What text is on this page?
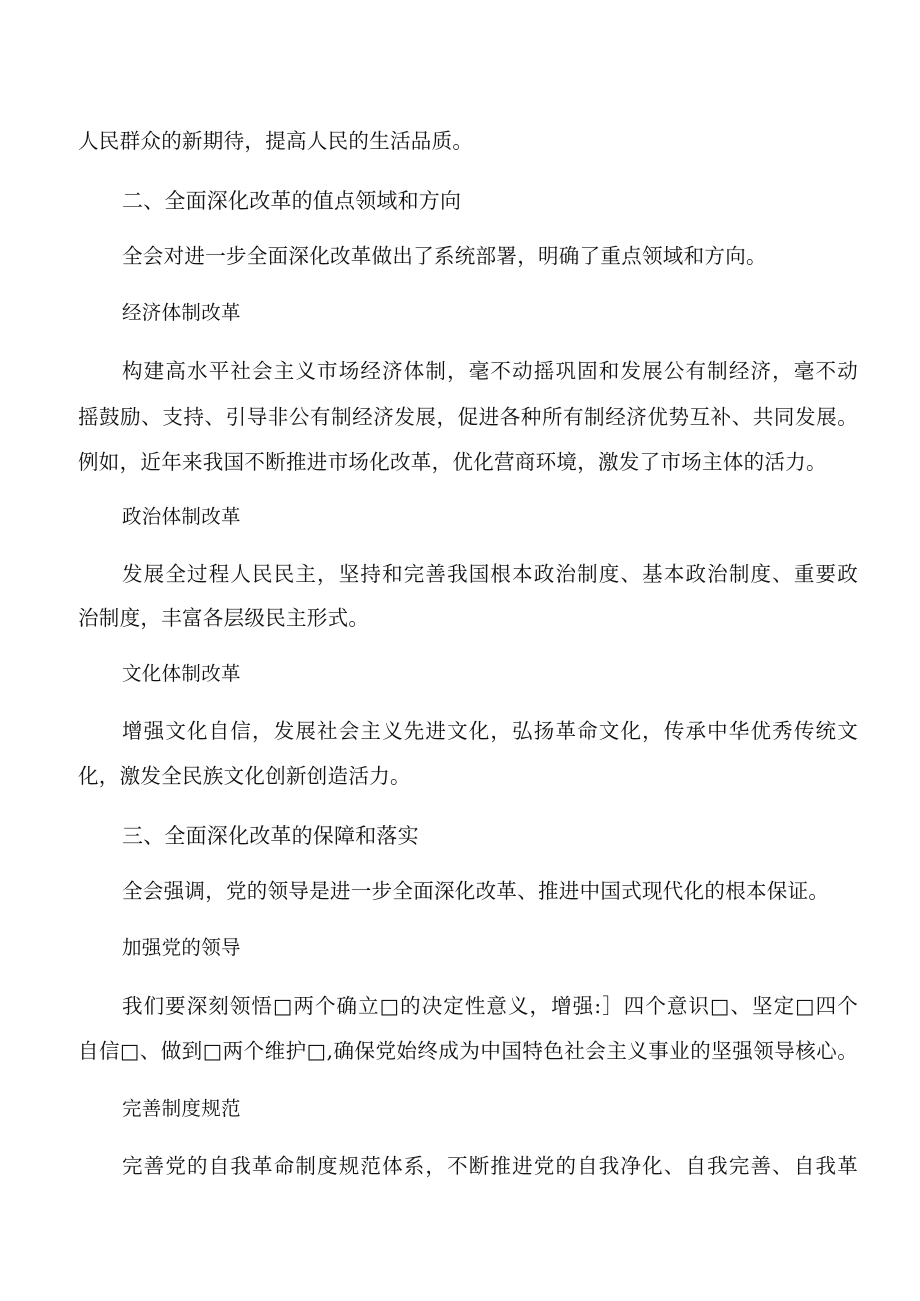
人民群众的新期待，提高人民的生活品质。
二、全面深化改革的值点领域和方向
全会对进一步全面深化改革做出了系统部署，明确了重点领域和方向。
经济体制改革
构建高水平社会主义市场经济体制，毫不动摇巩固和发展公有制经济，毫不动
摇鼓励、支持、引导非公有制经济发展，促进各种所有制经济优势互补、共同发展。
例如，近年来我国不断推进市场化改革，优化营商环境，激发了市场主体的活力。
政治体制改革
发展全过程人民民主，坚持和完善我国根本政治制度、基本政治制度、重要政
治制度，丰富各层级民主形式。
文化体制改革
增强文化自信，发展社会主义先进文化，弘扬革命文化，传承中华优秀传统文
化，激发全民族文化创新创造活力。
三、全面深化改革的保障和落实
全会强调，党的领导是进一步全面深化改革、推进中国式现代化的根本保证。
加强党的领导
我们要深刻领悟□两个确立□的决定性意义，增强:］四个意识□、坚定□四个
自信□、做到□两个维护□,确保党始终成为中国特色社会主义事业的坚强领导核心。
完善制度规范
完善党的自我革命制度规范体系，不断推进党的自我净化、自我完善、自我革
